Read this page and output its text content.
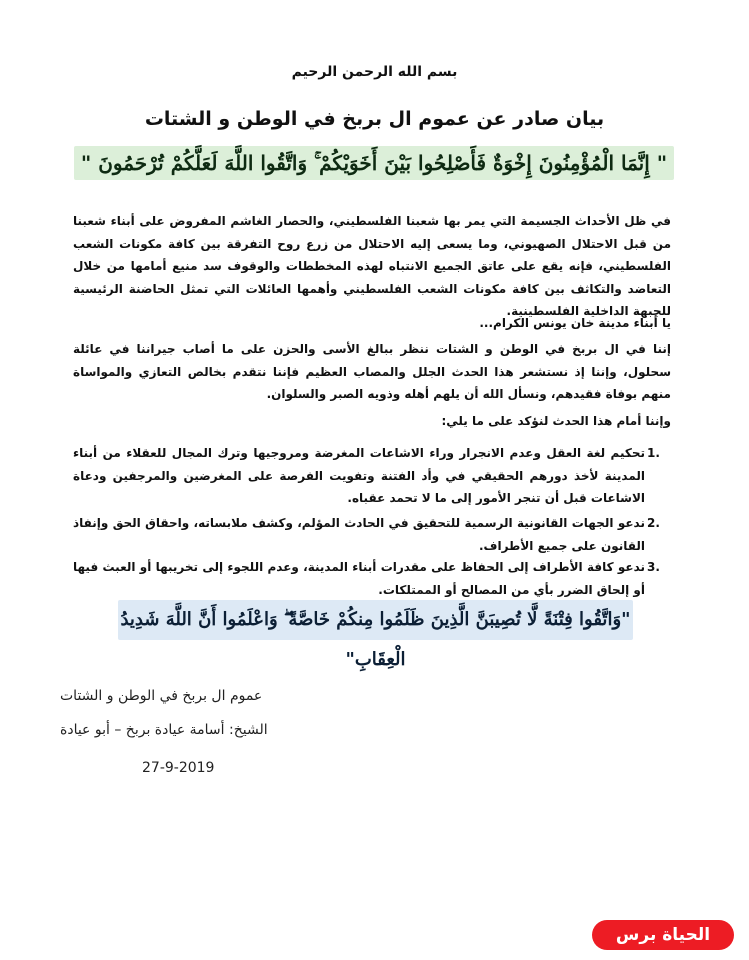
بسم الله الرحمن الرحيم
بيان صادر عن عموم ال بربخ في الوطن و الشتات
" إِنَّمَا الْمُؤْمِنُونَ إِخْوَةٌ فَأَصْلِحُوا بَيْنَ أَخَوَيْكُمْ ۚ وَاتَّقُوا اللَّهَ لَعَلَّكُمْ تُرْحَمُونَ "
في ظل الأحداث الجسيمة التي يمر بها شعبنا الفلسطيني، والحصار الغاشم المفروض على أبناء شعبنا من قبل الاحتلال الصهيوني، وما يسعى إليه الاحتلال من زرع روح التفرقة بين كافة مكونات الشعب الفلسطيني، فإنه يقع على عاتق الجميع الانتباه لهذه المخططات والوقوف سد منيع أمامها من خلال التعاضد والتكاثف بين كافة مكونات الشعب الفلسطيني وأهمها العائلات التي تمثل الحاضنة الرئيسية للجبهة الداخلية الفلسطينية.
يا أبناء مدينة خان يونس الكرام...
إننا في ال بربخ في الوطن و الشتات ننظر ببالغ الأسى والحزن على ما أصاب جيراننا في عائلة سحلول، وإننا إذ نستشعر هذا الحدث الجلل والمصاب العظيم فإننا نتقدم بخالص التعازي والمواساة منهم بوفاة فقيدهم، ونسأل الله أن يلهم أهله وذويه الصبر والسلوان.
وإننا أمام هذا الحدث لنؤكد على ما يلي:
1.
تحكيم لغة العقل وعدم الانجرار وراء الاشاعات المغرضة ومروجيها وترك المجال للعقلاء من أبناء المدينة لأخذ دورهم الحقيقي في وأد الفتنة وتفويت الفرصة على المغرضين والمرجفين ودعاة الاشاعات قبل أن تنجر الأمور إلى ما لا تحمد عقباه.
2.
ندعو الجهات القانونية الرسمية للتحقيق في الحادث المؤلم، وكشف ملابساته، واحقاق الحق وإنفاذ القانون على جميع الأطراف.
3.
ندعو كافة الأطراف إلى الحفاظ على مقدرات أبناء المدينة، وعدم اللجوء إلى تخريبها أو العبث فيها أو إلحاق الضرر بأي من المصالح أو الممتلكات.
"وَاتَّقُوا فِتْنَةً لَّا تُصِيبَنَّ الَّذِينَ ظَلَمُوا مِنكُمْ خَاصَّةً ۖ وَاعْلَمُوا أَنَّ اللَّهَ شَدِيدُ الْعِقَابِ"
عموم ال بربخ في الوطن و الشتات
الشيخ: أسامة عيادة بربخ – أبو عيادة
27-9-2019
الحياة برس
